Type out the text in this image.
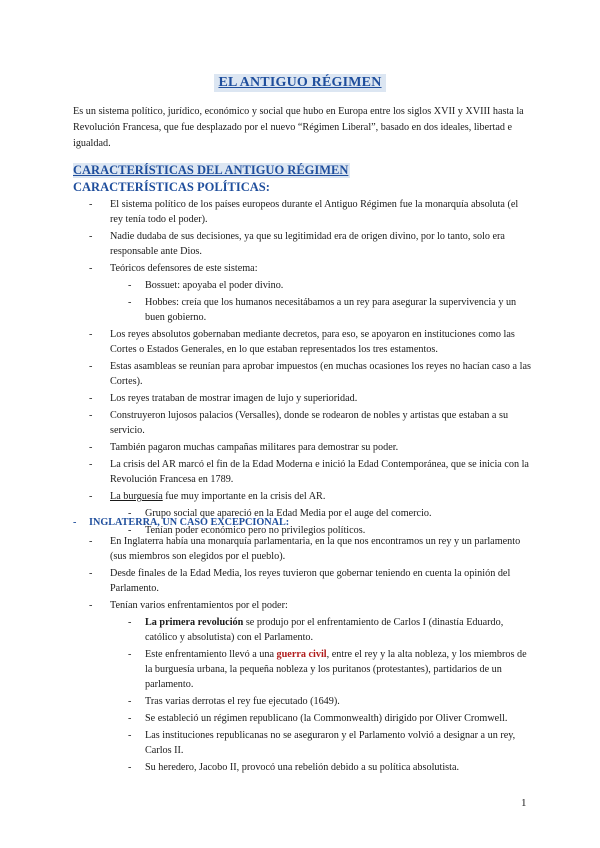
EL ANTIGUO RÉGIMEN

Es un sistema político, jurídico, económico y social que hubo en Europa entre los siglos XVII y XVIII hasta la Revolución Francesa, que fue desplazado por el nuevo “Régimen Liberal”, basado en dos ideales, libertad e igualdad.

CARACTERÍSTICAS DEL ANTIGUO RÉGIMEN
CARACTERÍSTICAS POLÍTICAS:
- El sistema político de los países europeos durante el Antiguo Régimen fue la monarquía absoluta (el rey tenía todo el poder).
- Nadie dudaba de sus decisiones, ya que su legitimidad era de origen divino, por lo tanto, solo era responsable ante Dios.
- Teóricos defensores de este sistema:
- Bossuet: apoyaba el poder divino.
- Hobbes: creía que los humanos necesitábamos a un rey para asegurar la supervivencia y un buen gobierno.
- Los reyes absolutos gobernaban mediante decretos, para eso, se apoyaron en instituciones como las Cortes o Estados Generales, en lo que estaban representados los tres estamentos.
- Estas asambleas se reunían para aprobar impuestos (en muchas ocasiones los reyes no hacían caso a las Cortes).
- Los reyes trataban de mostrar imagen de lujo y superioridad.
- Construyeron lujosos palacios (Versalles), donde se rodearon de nobles y artistas que estaban a su servicio.
- También pagaron muchas campañas militares para demostrar su poder.
- La crisis del AR marcó el fin de la Edad Moderna e inició la Edad Contemporánea, que se inicia con la Revolución Francesa en 1789.
- La burguesía fue muy importante en la crisis del AR.
- Grupo social que apareció en la Edad Media por el auge del comercio.
- Tenían poder económico pero no privilegios políticos.
- INGLATERRA, UN CASO EXCEPCIONAL:
- En Inglaterra había una monarquía parlamentaria, en la que nos encontramos un rey y un parlamento (sus miembros son elegidos por el pueblo).
- Desde finales de la Edad Media, los reyes tuvieron que gobernar teniendo en cuenta la opinión del Parlamento.
- Tenían varios enfrentamientos por el poder:
- La primera revolución se produjo por el enfrentamiento de Carlos I (dinastía Eduardo, católico y absolutista) con el Parlamento.
- Este enfrentamiento llevó a una guerra civil, entre el rey y la alta nobleza, y los miembros de la burguesía urbana, la pequeña nobleza y los puritanos (protestantes), partidarios de un parlamento.
- Tras varias derrotas el rey fue ejecutado (1649).
- Se estableció un régimen republicano (la Commonwealth) dirigido por Oliver Cromwell.
- Las instituciones republicanas no se aseguraron y el Parlamento volvió a designar a un rey, Carlos II.
- Su heredero, Jacobo II, provocó una rebelión debido a su política absolutista.
1
